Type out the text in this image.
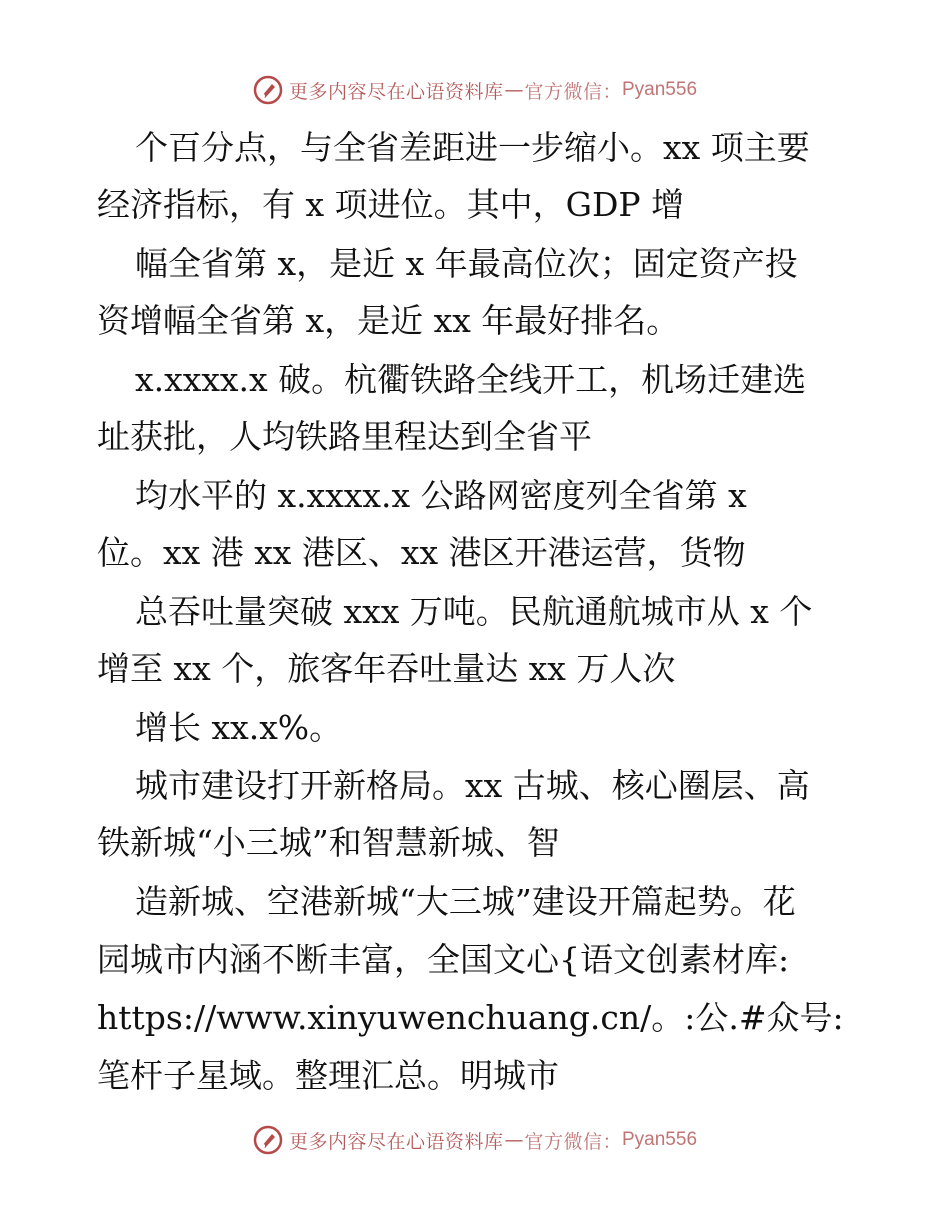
更多内容尽在心语资料库 — 官方微信： Pyan556
个百分点，与全省差距进一步缩小。xx 项主要
经济指标，有 x 项进位。其中，GDP 增
幅全省第 x，是近 x 年最高位次；固定资产投
资增幅全省第 x，是近 xx 年最好排名。
x.xxxx.x 破。杭衢铁路全线开工，机场迁建选
址获批，人均铁路里程达到全省平
均水平的 x.xxxx.x 公路网密度列全省第 x
位。xx 港 xx 港区、xx 港区开港运营，货物
总吞吐量突破 xxx 万吨。民航通航城市从 x 个
增至 xx 个，旅客年吞吐量达 xx 万人次
增长 xx.x%。
城市建设打开新格局。xx 古城、核心圈层、高
铁新城“小三城”和智慧新城、智
造新城、空港新城“大三城”建设开篇起势。花
园城市内涵不断丰富，全国文心{语文创素材库:
https://www.xinyuwenchuang.cn/。:公.#众号:
笔杆子星域。整理汇总。明城市
更多内容尽在心语资料库 — 官方微信： Pyan556
